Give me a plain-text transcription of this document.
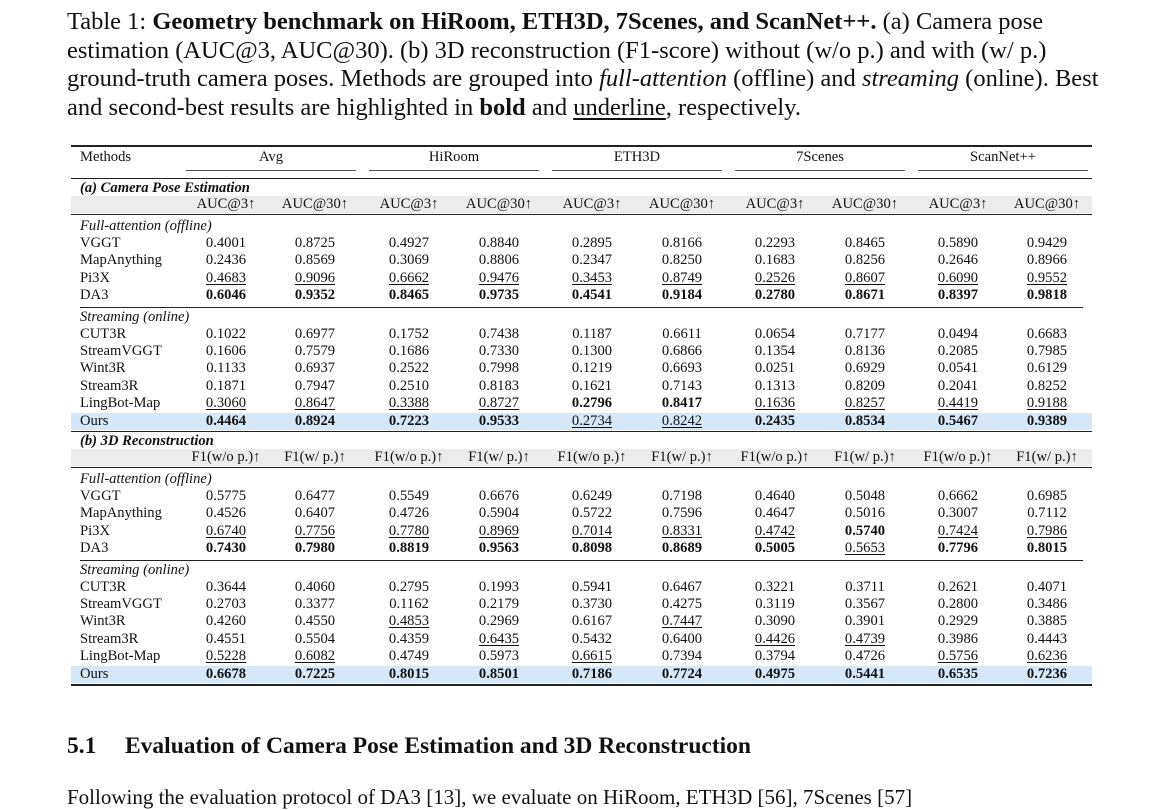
Table 1: Geometry benchmark on HiRoom, ETH3D, 7Scenes, and ScanNet++. (a) Camera pose estimation (AUC@3, AUC@30). (b) 3D reconstruction (F1-score) without (w/o p.) and with (w/ p.) ground-truth camera poses. Methods are grouped into full-attention (offline) and streaming (online). Best and second-best results are highlighted in bold and underline, respectively.
Methods	Avg	HiRoom	ETH3D	7Scenes	ScanNet++
(a) Camera Pose Estimation
AUC@3↑	AUC@30↑	AUC@3↑	AUC@30↑	AUC@3↑	AUC@30↑	AUC@3↑	AUC@30↑	AUC@3↑	AUC@30↑
Full-attention (offline)
VGGT	0.4001	0.8725	0.4927	0.8840	0.2895	0.8166	0.2293	0.8465	0.5890	0.9429
MapAnything	0.2436	0.8569	0.3069	0.8806	0.2347	0.8250	0.1683	0.8256	0.2646	0.8966
Pi3X	0.4683	0.9096	0.6662	0.9476	0.3453	0.8749	0.2526	0.8607	0.6090	0.9552
DA3	0.6046	0.9352	0.8465	0.9735	0.4541	0.9184	0.2780	0.8671	0.8397	0.9818
Streaming (online)
CUT3R	0.1022	0.6977	0.1752	0.7438	0.1187	0.6611	0.0654	0.7177	0.0494	0.6683
StreamVGGT	0.1606	0.7579	0.1686	0.7330	0.1300	0.6866	0.1354	0.8136	0.2085	0.7985
Wint3R	0.1133	0.6937	0.2522	0.7998	0.1219	0.6693	0.0251	0.6929	0.0541	0.6129
Stream3R	0.1871	0.7947	0.2510	0.8183	0.1621	0.7143	0.1313	0.8209	0.2041	0.8252
LingBot-Map	0.3060	0.8647	0.3388	0.8727	0.2796	0.8417	0.1636	0.8257	0.4419	0.9188
Ours	0.4464	0.8924	0.7223	0.9533	0.2734	0.8242	0.2435	0.8534	0.5467	0.9389
(b) 3D Reconstruction
F1(w/o p.)↑	F1(w/ p.)↑	F1(w/o p.)↑	F1(w/ p.)↑	F1(w/o p.)↑	F1(w/ p.)↑	F1(w/o p.)↑	F1(w/ p.)↑	F1(w/o p.)↑	F1(w/ p.)↑
Full-attention (offline)
VGGT	0.5775	0.6477	0.5549	0.6676	0.6249	0.7198	0.4640	0.5048	0.6662	0.6985
MapAnything	0.4526	0.6407	0.4726	0.5904	0.5722	0.7596	0.4647	0.5016	0.3007	0.7112
Pi3X	0.6740	0.7756	0.7780	0.8969	0.7014	0.8331	0.4742	0.5740	0.7424	0.7986
DA3	0.7430	0.7980	0.8819	0.9563	0.8098	0.8689	0.5005	0.5653	0.7796	0.8015
Streaming (online)
CUT3R	0.3644	0.4060	0.2795	0.1993	0.5941	0.6467	0.3221	0.3711	0.2621	0.4071
StreamVGGT	0.2703	0.3377	0.1162	0.2179	0.3730	0.4275	0.3119	0.3567	0.2800	0.3486
Wint3R	0.4260	0.4550	0.4853	0.2969	0.6167	0.7447	0.3090	0.3901	0.2929	0.3885
Stream3R	0.4551	0.5504	0.4359	0.6435	0.5432	0.6400	0.4426	0.4739	0.3986	0.4443
LingBot-Map	0.5228	0.6082	0.4749	0.5973	0.6615	0.7394	0.3794	0.4726	0.5756	0.6236
Ours	0.6678	0.7225	0.8015	0.8501	0.7186	0.7724	0.4975	0.5441	0.6535	0.7236
5.1 Evaluation of Camera Pose Estimation and 3D Reconstruction
Following the evaluation protocol of DA3 [13], we evaluate on HiRoom, ETH3D [56], 7Scenes [57]
